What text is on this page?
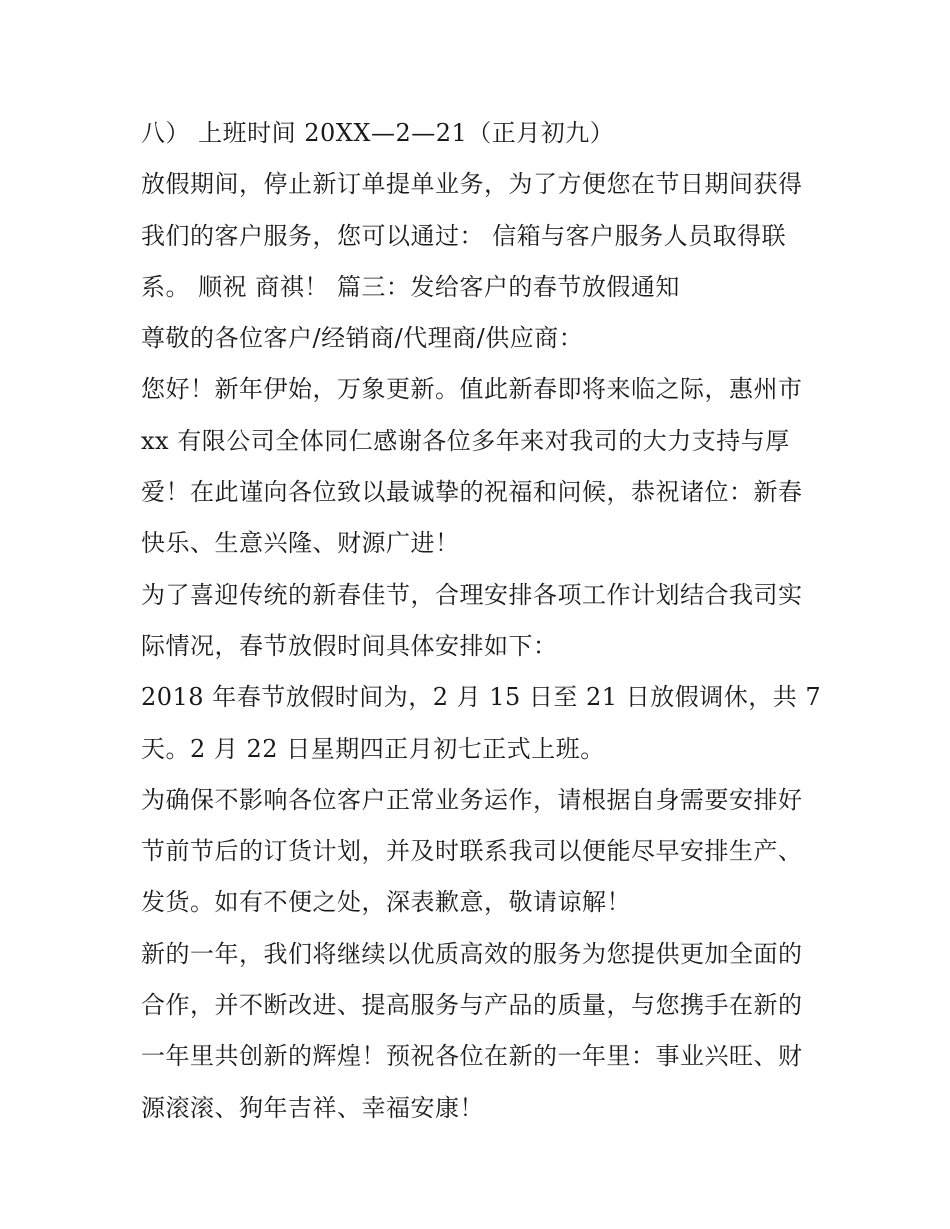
八） 上班时间 20XX—2—21（正月初九）
放假期间，停止新订单提单业务，为了方便您在节日期间获得
我们的客户服务，您可以通过： 信箱与客户服务人员取得联
系。 顺祝 商祺！ 篇三：发给客户的春节放假通知
尊敬的各位客户/经销商/代理商/供应商：
您好！新年伊始，万象更新。值此新春即将来临之际，惠州市
xx 有限公司全体同仁感谢各位多年来对我司的大力支持与厚
爱！在此谨向各位致以最诚挚的祝福和问候，恭祝诸位：新春
快乐、生意兴隆、财源广进！
为了喜迎传统的新春佳节，合理安排各项工作计划结合我司实
际情况，春节放假时间具体安排如下：
2018 年春节放假时间为，2 月 15 日至 21 日放假调休，共 7
天。2 月 22 日星期四正月初七正式上班。
为确保不影响各位客户正常业务运作，请根据自身需要安排好
节前节后的订货计划，并及时联系我司以便能尽早安排生产、
发货。如有不便之处，深表歉意，敬请谅解！
新的一年，我们将继续以优质高效的服务为您提供更加全面的
合作，并不断改进、提高服务与产品的质量，与您携手在新的
一年里共创新的辉煌！预祝各位在新的一年里：事业兴旺、财
源滚滚、狗年吉祥、幸福安康！
